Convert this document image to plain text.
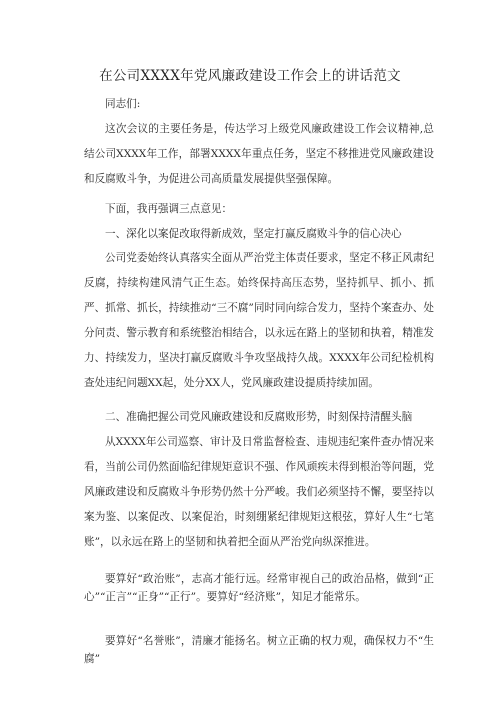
在公司XXXX年党风廉政建设工作会上的讲话范文
同志们:
这次会议的主要任务是，传达学习上级党风廉政建设工作会议精神,总结公司XXXX年工作，部署XXXX年重点任务，坚定不移推进党风廉政建设和反腐败斗争，为促进公司高质量发展提供坚强保障。
下面，我再强调三点意见：
一、深化以案促改取得新成效，坚定打赢反腐败斗争的信心决心
公司党委始终认真落实全面从严治党主体责任要求，坚定不移正风肃纪反腐，持续构建风清气正生态。始终保持高压态势，坚持抓早、抓小、抓严、抓常、抓长，持续推动“三不腐”同时同向综合发力，坚持个案查办、处分问责、警示教育和系统整治相结合，以永远在路上的坚韧和执着，精准发力、持续发力，坚决打赢反腐败斗争攻坚战持久战。XXXX年公司纪检机构查处违纪问题XX起，处分XX人，党风廉政建设提质持续加固。
二、准确把握公司党风廉政建设和反腐败形势，时刻保持清醒头脑
从XXXX年公司巡察、审计及日常监督检查、违规违纪案件查办情况来看，当前公司仍然面临纪律规矩意识不强、作风顽疾未得到根治等问题，党风廉政建设和反腐败斗争形势仍然十分严峻。我们必须坚持不懈，要坚持以案为鉴、以案促改、以案促治，时刻绷紧纪律规矩这根弦，算好人生“七笔账”，以永远在路上的坚韧和执着把全面从严治党向纵深推进。
要算好“政治账”，志高才能行远。经常审视自己的政治品格，做到“正心”“正言”“正身”“正行”。要算好“经济账”，知足才能常乐。
要算好“名誉账”，清廉才能扬名。树立正确的权力观，确保权力不“生腐”
